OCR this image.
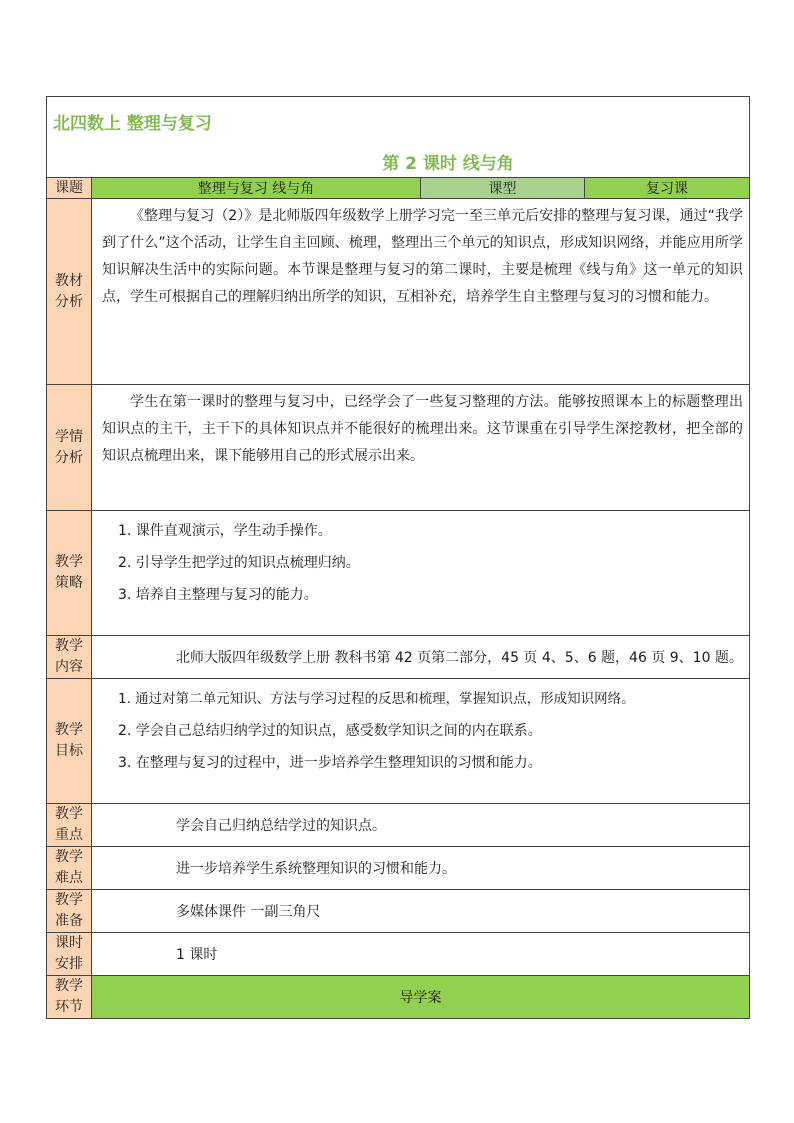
北四数上 整理与复习
第 2 课时 线与角			

课题	整理与复习 线与角	课型	复习课

教材分析	《整理与复习（2）》是北师版四年级数学上册学习完一至三单元后安排的整理与复习课，通过“我学到了什么”这个活动，让学生自主回顾、梳理，整理出三个单元的知识点，形成知识网络，并能应用所学知识解决生活中的实际问题。本节课是整理与复习的第二课时，主要是梳理《线与角》这一单元的知识点，学生可根据自己的理解归纳出所学的知识，互相补充，培养学生自主整理与复习的习惯和能力。		

学情分析	学生在第一课时的整理与复习中，已经学会了一些复习整理的方法。能够按照课本上的标题整理出知识点的主干，主干下的具体知识点并不能很好的梳理出来。这节课重在引导学生深挖教材，把全部的知识点梳理出来，课下能够用自己的形式展示出来。		

教学策略	1. 课件直观演示，学生动手操作。
2. 引导学生把学过的知识点梳理归纳。
3. 培养自主整理与复习的能力。		

教学内容	北师大版四年级数学上册 教科书第 42 页第二部分，45 页 4、5、6 题，46 页 9、10 题。		

教学目标	1. 通过对第二单元知识、方法与学习过程的反思和梳理，掌握知识点，形成知识网络。
2. 学会自己总结归纳学过的知识点，感受数学知识之间的内在联系。
3. 在整理与复习的过程中，进一步培养学生整理知识的习惯和能力。		

教学重点	学会自己归纳总结学过的知识点。		

教学难点	进一步培养学生系统整理知识的习惯和能力。		

教学准备	多媒体课件 一副三角尺		

课时安排	1 课时		

教学环节	导学案		
